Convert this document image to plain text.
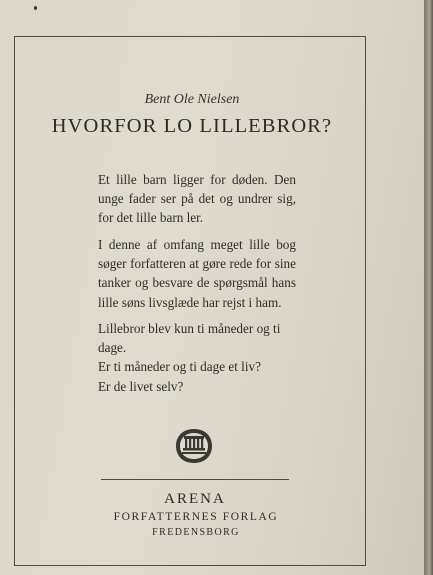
Bent Ole Nielsen
HVORFOR LO LILLEBROR?
Et lille barn ligger for døden. Den unge fader ser på det og undrer sig, for det lille barn ler.
I denne af omfang meget lille bog søger forfatteren at gøre rede for sine tanker og besvare de spørgsmål hans lille søns livsglæde har rejst i ham.
Lillebror blev kun ti måneder og ti dage.
Er ti måneder og ti dage et liv?
Er de livet selv?
ARENA
FORFATTERNES FORLAG
FREDENSBORG
